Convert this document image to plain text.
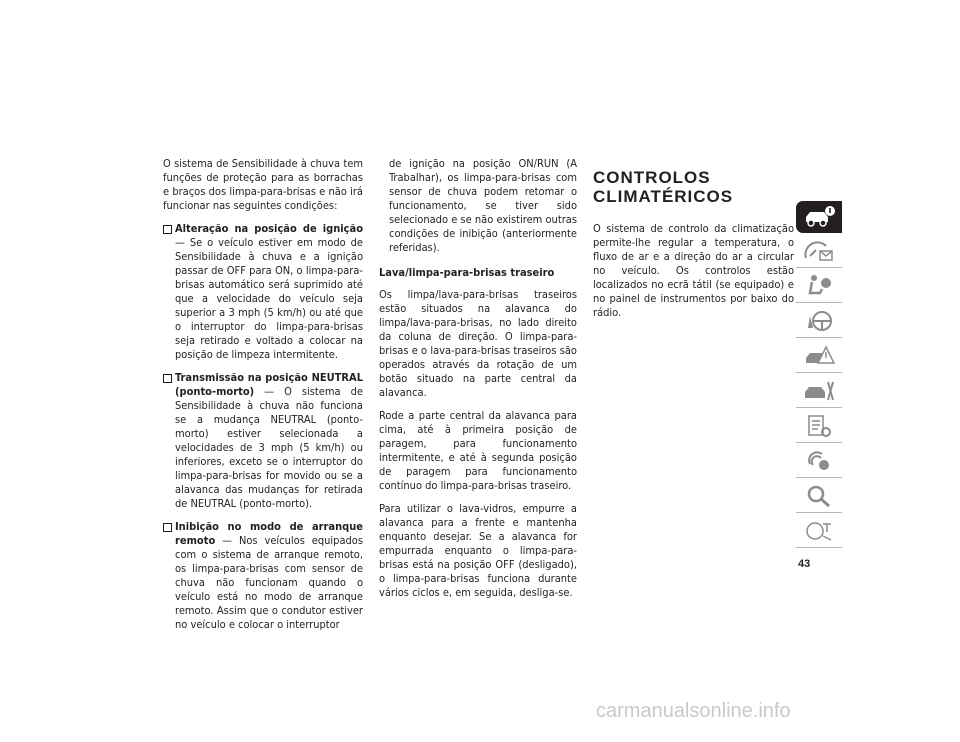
O sistema de Sensibilidade à chuva tem funções de proteção para as borrachas e braços dos limpa-para-brisas e não irá funcionar nas seguintes condições:

Alteração na posição de ignição — Se o veículo estiver em modo de Sensibilidade à chuva e a ignição passar de OFF para ON, o limpa-para-brisas automático será suprimido até que a velocidade do veículo seja superior a 3 mph (5 km/h) ou até que o interruptor do limpa-para-brisas seja retirado e voltado a colocar na posição de limpeza intermitente.
Transmissão na posição NEUTRAL (ponto-morto) — O sistema de Sensibilidade à chuva não funciona se a mudança NEUTRAL (ponto-morto) estiver selecionada a velocidades de 3 mph (5 km/h) ou inferiores, exceto se o interruptor do limpa-para-brisas for movido ou se a alavanca das mudanças for retirada de NEUTRAL (ponto-morto).
Inibição no modo de arranque remoto — Nos veículos equipados com o sistema de arranque remoto, os limpa-para-brisas com sensor de chuva não funcionam quando o veículo está no modo de arranque remoto. Assim que o condutor estiver no veículo e colocar o interruptor

de ignição na posição ON/RUN (A Trabalhar), os limpa-para-brisas com sensor de chuva podem retomar o funcionamento, se tiver sido selecionado e se não existirem outras condições de inibição (anteriormente referidas).

Lava/limpa-para-brisas traseiro

Os limpa/lava-para-brisas traseiros estão situados na alavanca do limpa/lava-para-brisas, no lado direito da coluna de direção. O limpa-para-brisas e o lava-para-brisas traseiros são operados através da rotação de um botão situado na parte central da alavanca.

Rode a parte central da alavanca para cima, até à primeira posição de paragem, para funcionamento intermitente, e até à segunda posição de paragem para funcionamento contínuo do limpa-para-brisas traseiro.

Para utilizar o lava-vidros, empurre a alavanca para a frente e mantenha enquanto desejar. Se a alavanca for empurrada enquanto o limpa-para-brisas está na posição OFF (desligado), o limpa-para-brisas funciona durante vários ciclos e, em seguida, desliga-se.

CONTROLOS
CLIMATÉRICOS

O sistema de controlo da climatização permite-lhe regular a temperatura, o fluxo de ar e a direção do ar a circular no veículo. Os controlos estão localizados no ecrã tátil (se equipado) e no painel de instrumentos por baixo do rádio.

43
carmanualsonline.info
